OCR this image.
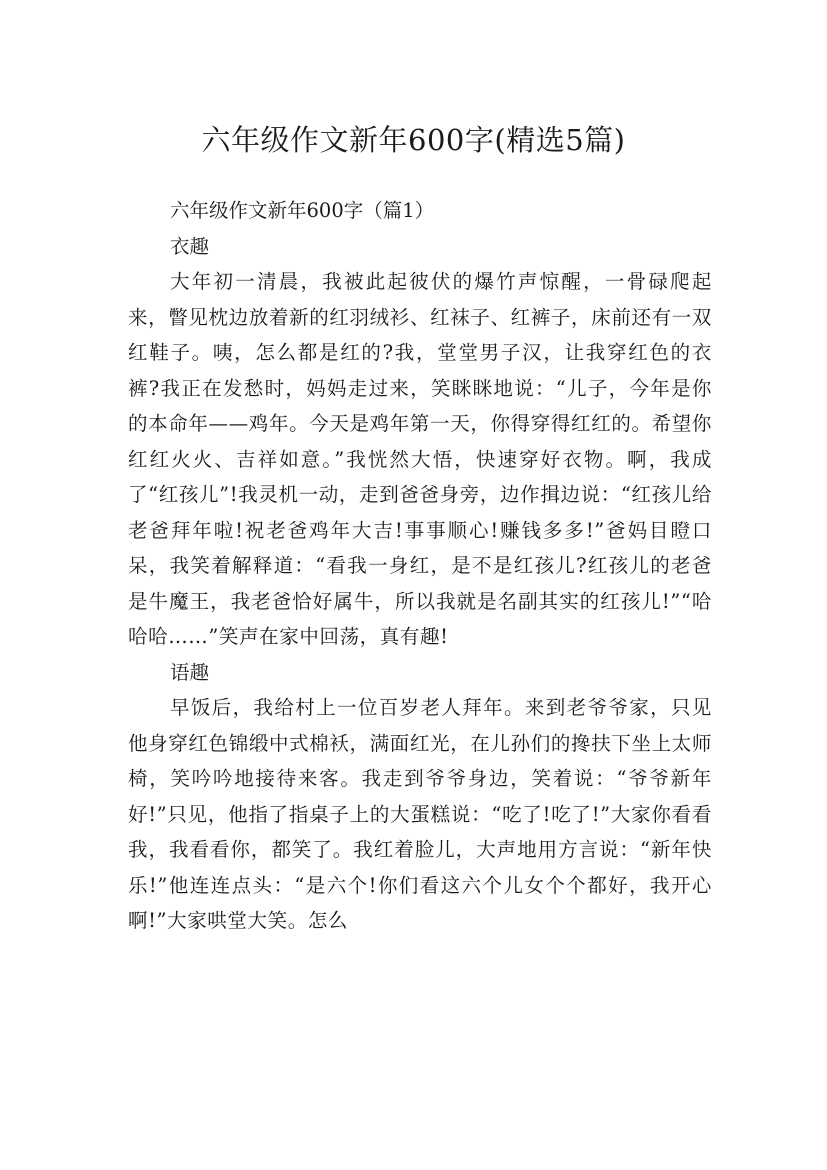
六年级作文新年600字(精选5篇)

六年级作文新年600字（篇1）

衣趣

大年初一清晨，我被此起彼伏的爆竹声惊醒，一骨碌爬起来，瞥见枕边放着新的红羽绒衫、红袜子、红裤子，床前还有一双红鞋子。咦，怎么都是红的?我，堂堂男子汉，让我穿红色的衣裤?我正在发愁时，妈妈走过来，笑眯眯地说：“儿子，今年是你的本命年——鸡年。今天是鸡年第一天，你得穿得红红的。希望你红红火火、吉祥如意。”我恍然大悟，快速穿好衣物。啊，我成了“红孩儿”!我灵机一动，走到爸爸身旁，边作揖边说：“红孩儿给老爸拜年啦!祝老爸鸡年大吉!事事顺心!赚钱多多!”爸妈目瞪口呆，我笑着解释道：“看我一身红，是不是红孩儿?红孩儿的老爸是牛魔王，我老爸恰好属牛，所以我就是名副其实的红孩儿!”“哈哈哈……”笑声在家中回荡，真有趣!

语趣

早饭后，我给村上一位百岁老人拜年。来到老爷爷家，只见他身穿红色锦缎中式棉袄，满面红光，在儿孙们的搀扶下坐上太师椅，笑吟吟地接待来客。我走到爷爷身边，笑着说：“爷爷新年好!”只见，他指了指桌子上的大蛋糕说：“吃了!吃了!”大家你看看我，我看看你，都笑了。我红着脸儿，大声地用方言说：“新年快乐!”他连连点头：“是六个!你们看这六个儿女个个都好，我开心啊!”大家哄堂大笑。怎么
